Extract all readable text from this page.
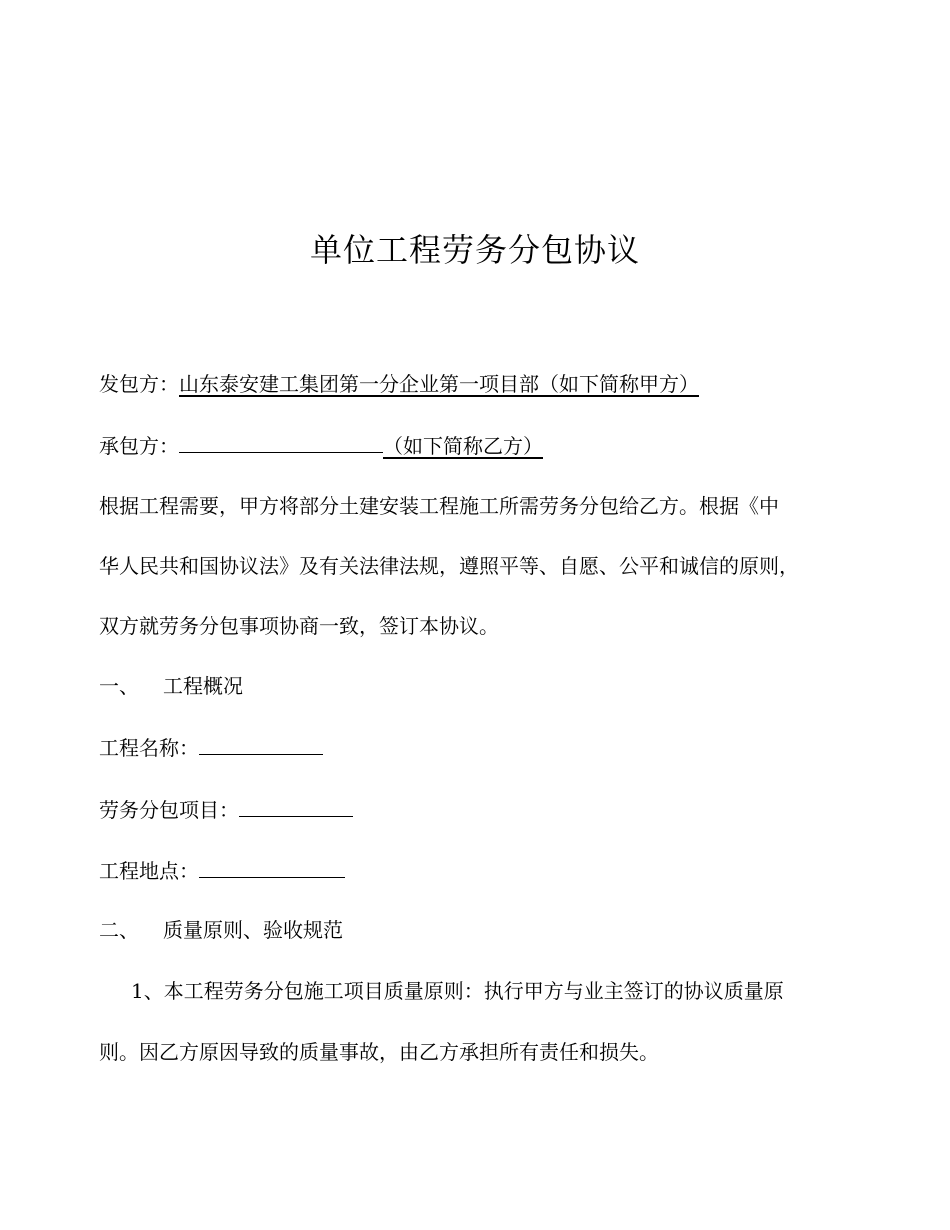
单位工程劳务分包协议
发包方：山东泰安建工集团第一分企业第一项目部（如下简称甲方）
承包方：	（如下简称乙方）
根据工程需要，甲方将部分土建安装工程施工所需劳务分包给乙方。根据《中
华人民共和国协议法》及有关法律法规，遵照平等、自愿、公平和诚信的原则，
双方就劳务分包事项协商一致，签订本协议。
一、 工程概况
工程名称：
劳务分包项目：
工程地点：
二、 质量原则、验收规范
1、本工程劳务分包施工项目质量原则：执行甲方与业主签订的协议质量原
则。因乙方原因导致的质量事故，由乙方承担所有责任和损失。
